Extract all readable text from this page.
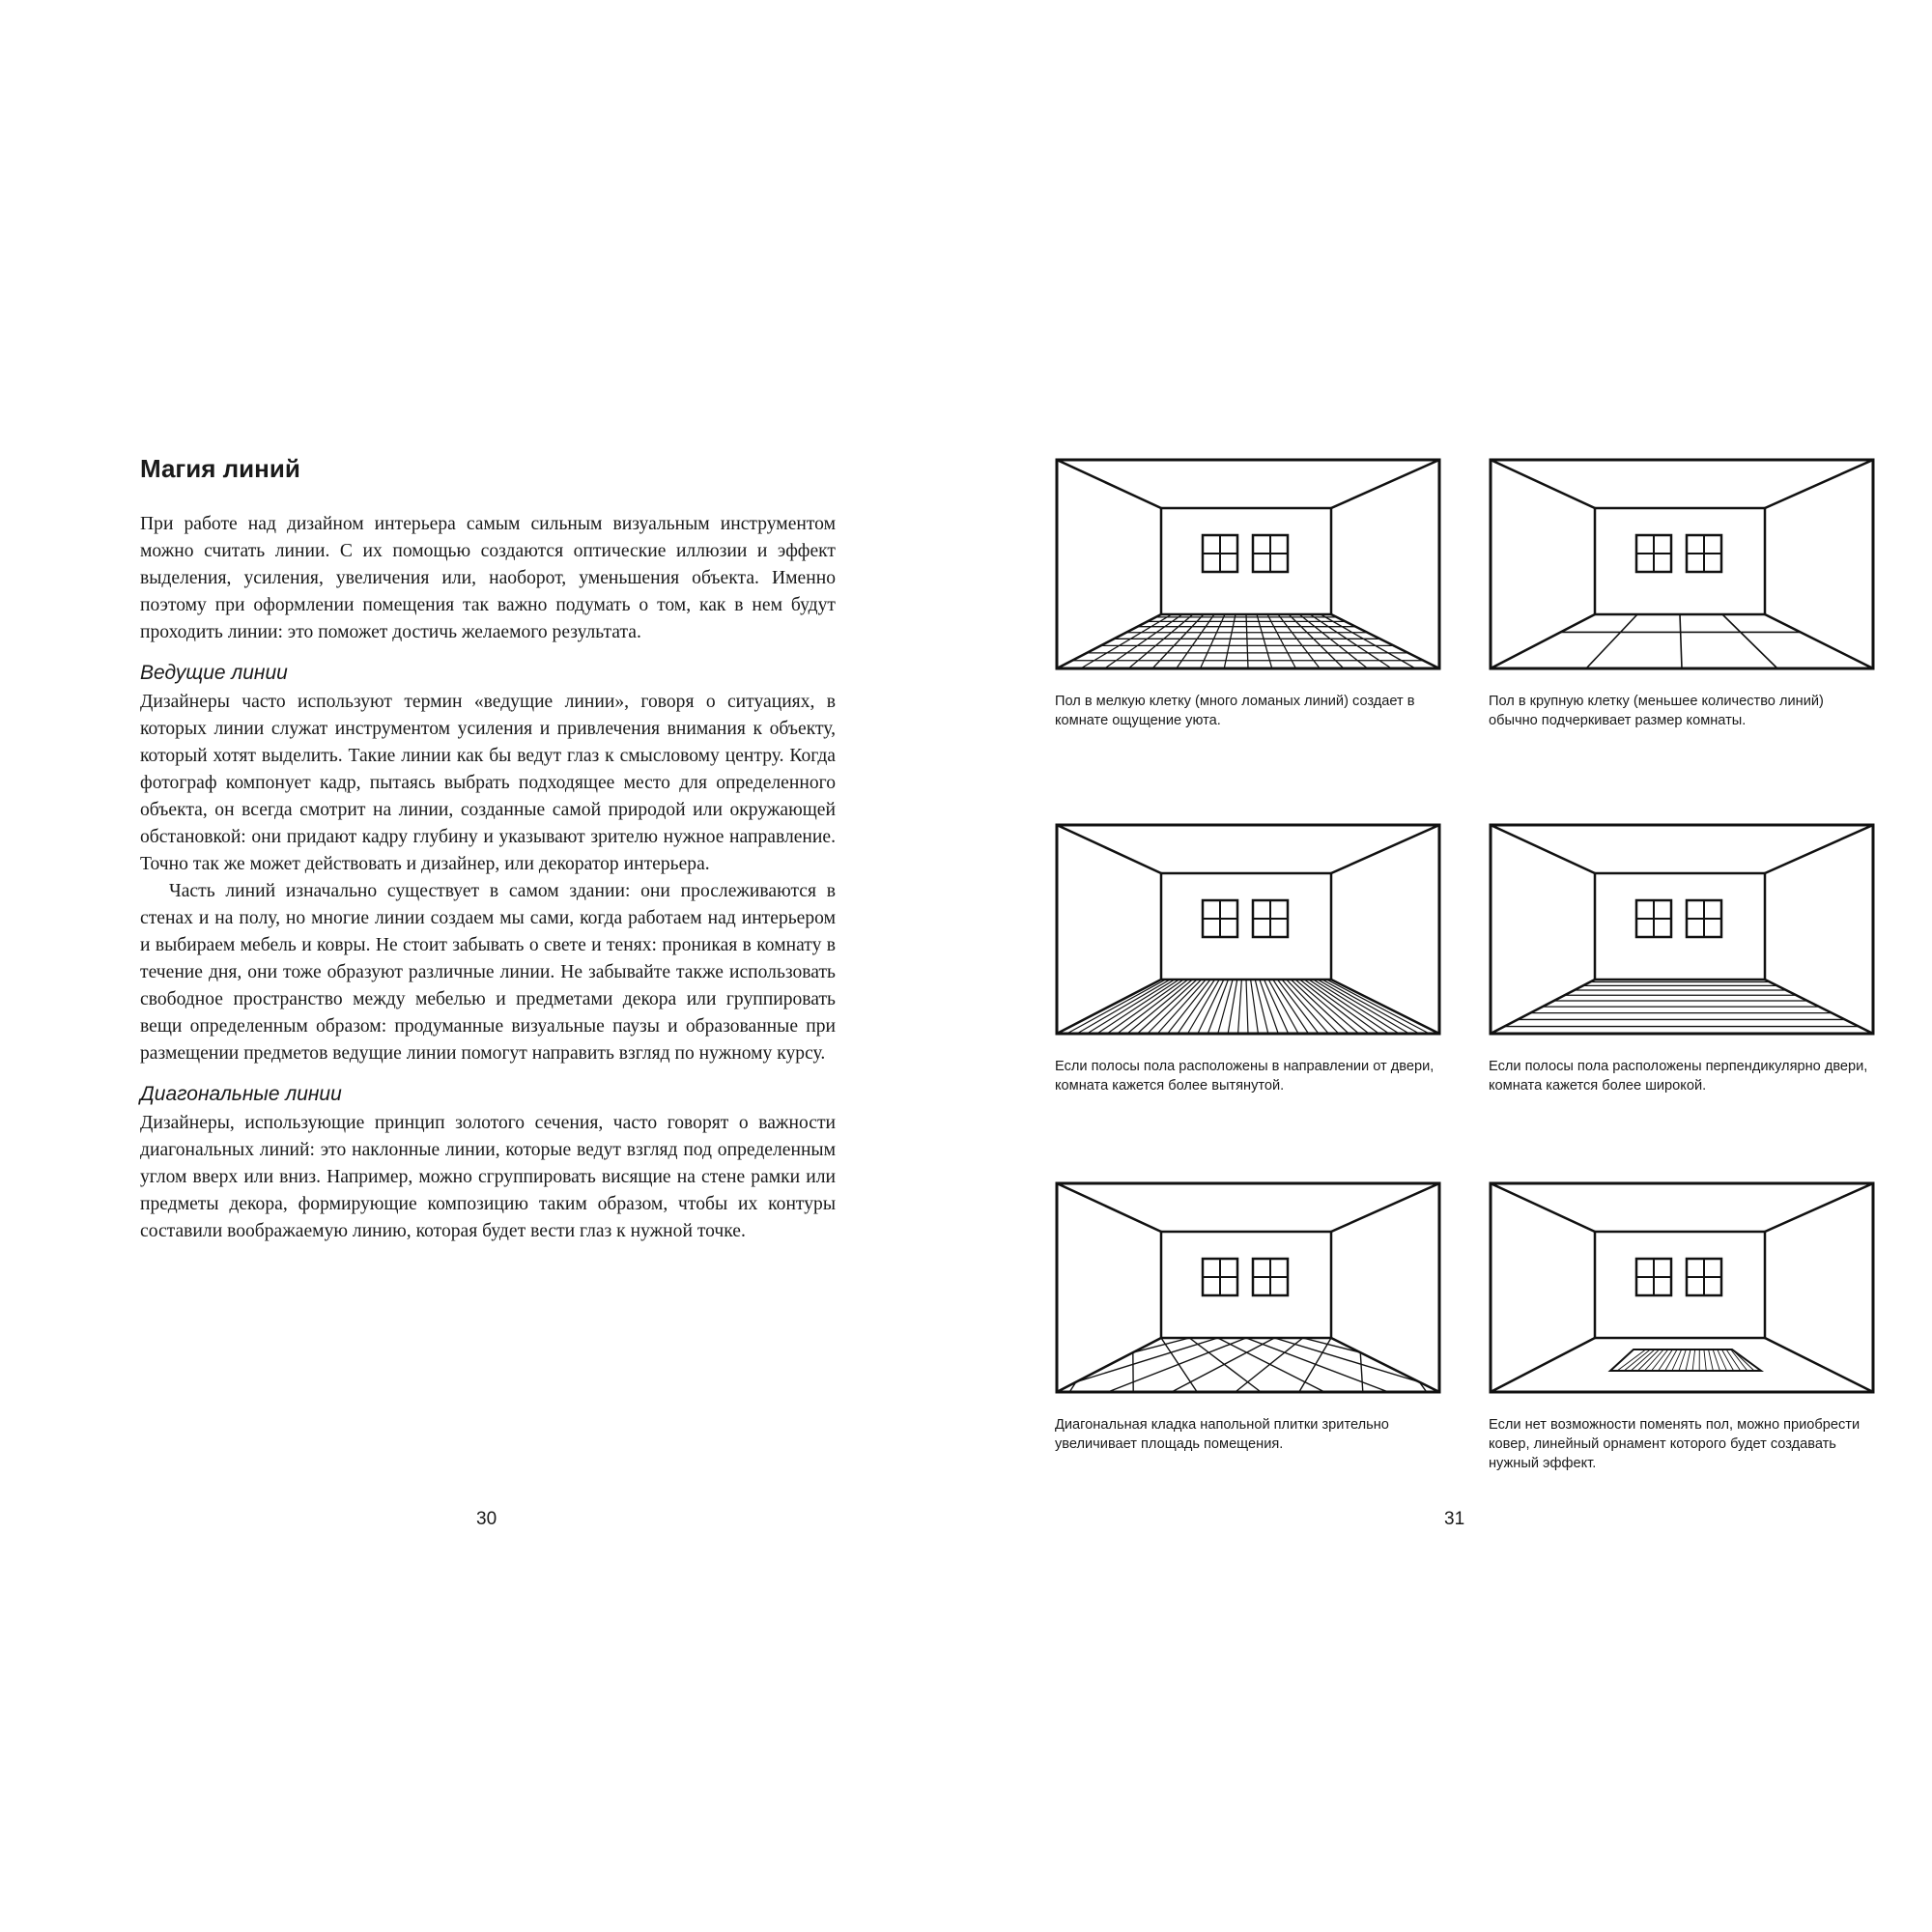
Магия линий

При работе над дизайном интерьера самым сильным визуальным инструментом можно считать линии. С их помощью создаются оптические иллюзии и эффект выделения, усиления, увеличения или, наоборот, уменьшения объекта. Именно поэтому при оформлении помещения так важно подумать о том, как в нем будут проходить линии: это поможет достичь желаемого результата.

Ведущие линии

Дизайнеры часто используют термин «ведущие линии», говоря о ситуациях, в которых линии служат инструментом усиления и привлечения внимания к объекту, который хотят выделить. Такие линии как бы ведут глаз к смысловому центру. Когда фотограф компонует кадр, пытаясь выбрать подходящее место для определенного объекта, он всегда смотрит на линии, созданные самой природой или окружающей обстановкой: они придают кадру глубину и указывают зрителю нужное направление. Точно так же может действовать и дизайнер, или декоратор интерьера.

Часть линий изначально существует в самом здании: они прослеживаются в стенах и на полу, но многие линии создаем мы сами, когда работаем над интерьером и выбираем мебель и ковры. Не стоит забывать о свете и тенях: проникая в комнату в течение дня, они тоже образуют различные линии. Не забывайте также использовать свободное пространство между мебелью и предметами декора или группировать вещи определенным образом: продуманные визуальные паузы и образованные при размещении предметов ведущие линии помогут направить взгляд по нужному курсу.

Диагональные линии

Дизайнеры, использующие принцип золотого сечения, часто говорят о важности диагональных линий: это наклонные линии, которые ведут взгляд под определенным углом вверх или вниз. Например, можно сгруппировать висящие на стене рамки или предметы декора, формирующие композицию таким образом, чтобы их контуры составили воображаемую линию, которая будет вести глаз к нужной точке.

30
Пол в мелкую клетку (много ломаных линий) создает в комнате ощущение уюта.
Пол в крупную клетку (меньшее количество линий) обычно подчеркивает размер комнаты.
Если полосы пола расположены в направлении от двери, комната кажется более вытянутой.
Если полосы пола расположены перпендикулярно двери, комната кажется более широкой.
Диагональная кладка напольной плитки зрительно увеличивает площадь помещения.
Если нет возможности поменять пол, можно приобрести ковер, линейный орнамент которого будет создавать нужный эффект.
31
